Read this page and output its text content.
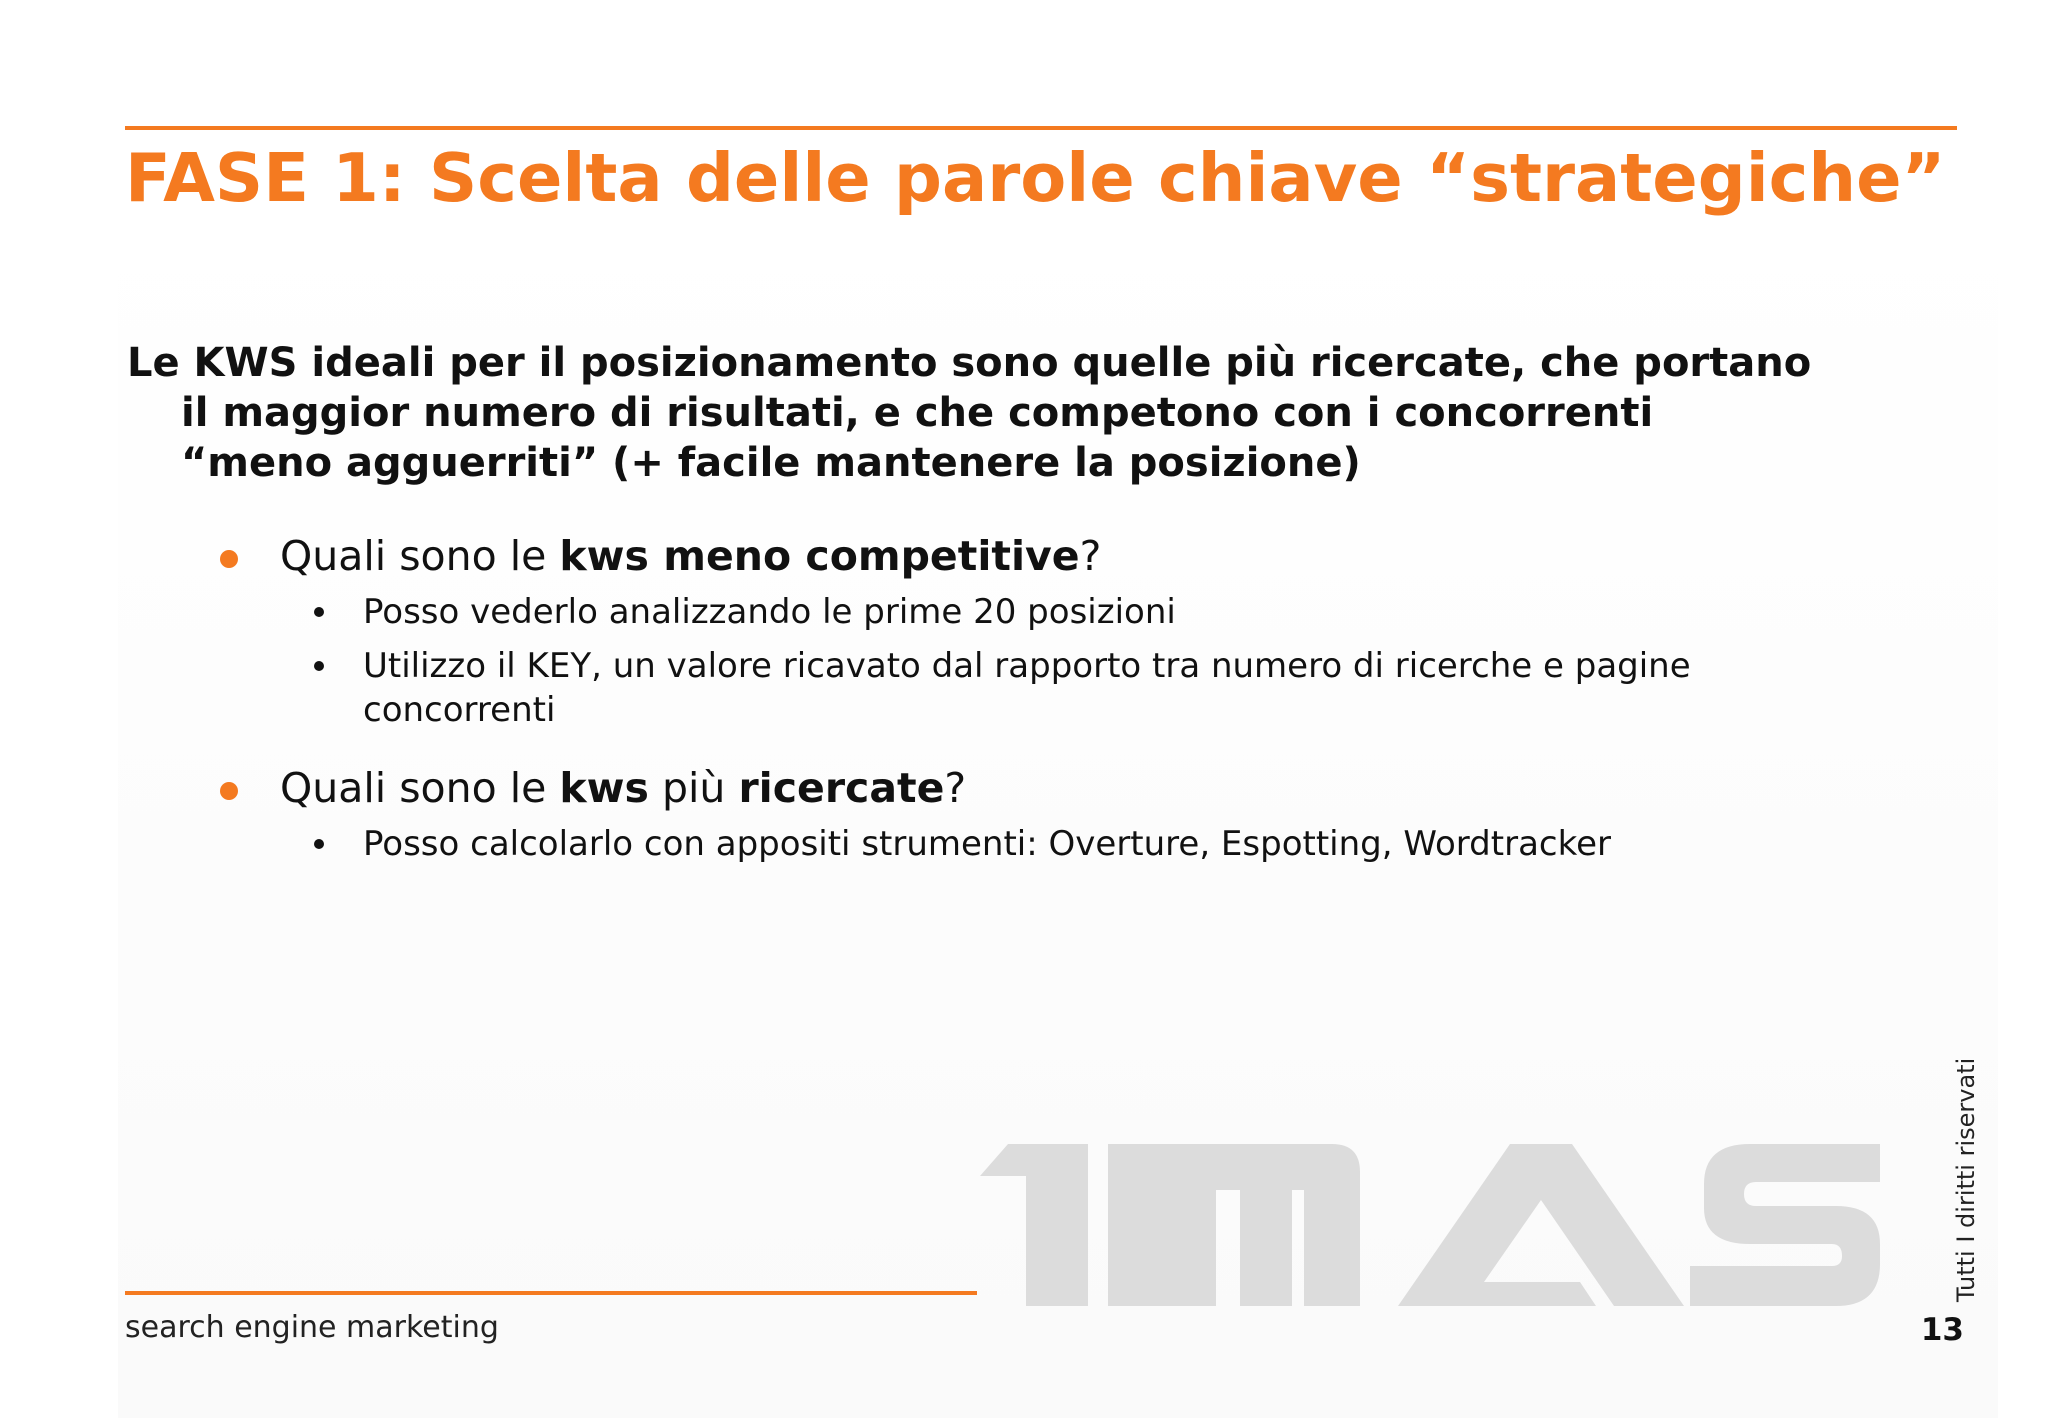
FASE 1: Scelta delle parole chiave “strategiche”

Le KWS ideali per il posizionamento sono quelle più ricercate, che portano
il maggior numero di risultati, e che competono con i concorrenti
“meno agguerriti” (+ facile mantenere la posizione)

Quali sono le kws meno competitive?
Posso vederlo analizzando le prime 20 posizioni
Utilizzo il KEY, un valore ricavato dal rapporto tra numero di ricerche e pagine concorrenti
Quali sono le kws più ricercate?
Posso calcolarlo con appositi strumenti: Overture, Espotting, Wordtracker
search engine marketing
Tutti I diritti riservati
13
